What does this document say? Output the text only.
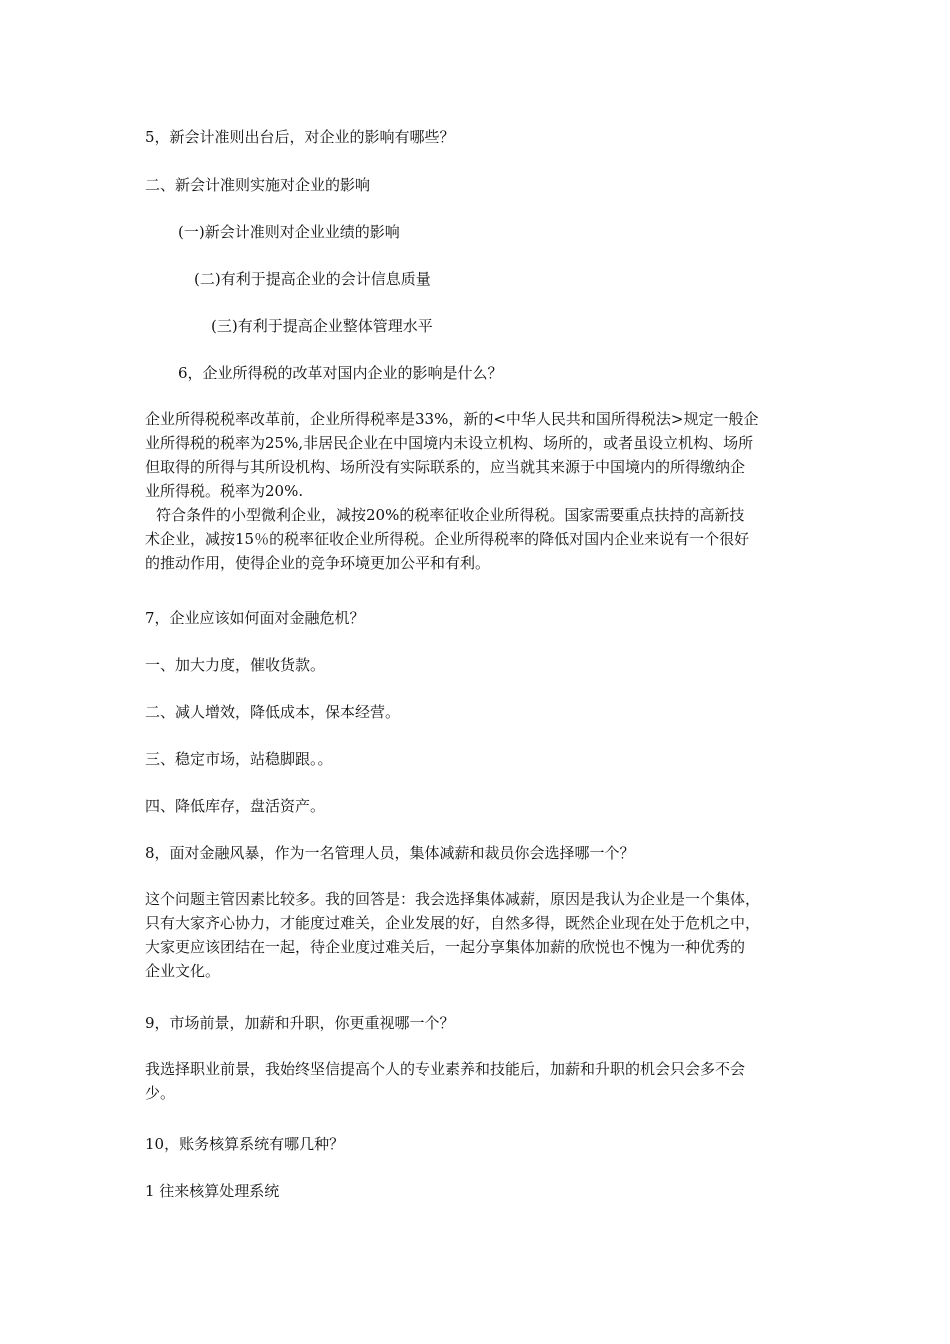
5，新会计准则出台后，对企业的影响有哪些？
二、新会计准则实施对企业的影响
(一)新会计准则对企业业绩的影响
(二)有利于提高企业的会计信息质量
(三)有利于提高企业整体管理水平
6，企业所得税的改革对国内企业的影响是什么？

企业所得税税率改革前，企业所得税率是33%，新的<中华人民共和国所得税法>规定一般企

业所得税的税率为25%,非居民企业在中国境内未设立机构、场所的，或者虽设立机构、场所

但取得的所得与其所设机构、场所没有实际联系的，应当就其来源于中国境内的所得缴纳企

业所得税。税率为20%.

符合条件的小型微利企业，减按20%的税率征收企业所得税。国家需要重点扶持的高新技

术企业，减按15％的税率征收企业所得税。企业所得税率的降低对国内企业来说有一个很好

的推动作用，使得企业的竞争环境更加公平和有利。

7，企业应该如何面对金融危机？
一、加大力度，催收货款。
二、减人增效，降低成本，保本经营。
三、稳定市场，站稳脚跟。。
四、降低库存，盘活资产。
8，面对金融风暴，作为一名管理人员，集体减薪和裁员你会选择哪一个？

这个问题主管因素比较多。我的回答是：我会选择集体减薪，原因是我认为企业是一个集体，

只有大家齐心协力，才能度过难关，企业发展的好，自然多得，既然企业现在处于危机之中，

大家更应该团结在一起，待企业度过难关后，一起分享集体加薪的欣悦也不愧为一种优秀的

企业文化。

9，市场前景，加薪和升职，你更重视哪一个？

我选择职业前景，我始终坚信提高个人的专业素养和技能后，加薪和升职的机会只会多不会

少。

10，账务核算系统有哪几种？
1 往来核算处理系统
